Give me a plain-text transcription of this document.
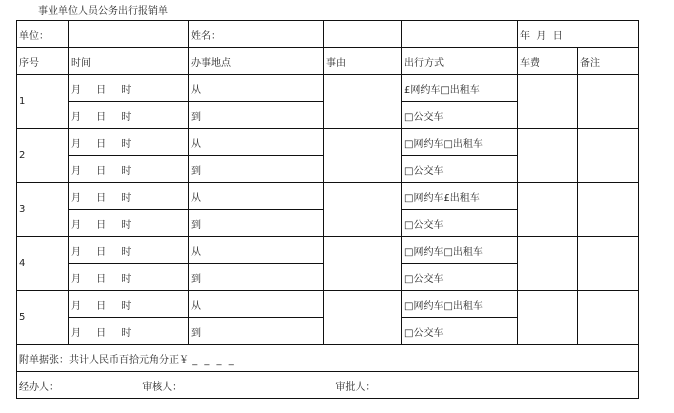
事业单位人员公务出行报销单
单位：		姓名：			年  月  日	
序号	时间	办事地点	事由	出行方式	车费	备注
1	月 日 时	从		£网约车□出租车		
	月 日 时	到		□公交车		
2	月 日 时	从		□网约车□出租车		
	月 日 时	到		□公交车		
3	月 日 时	从		□网约车£出租车		
	月 日 时	到		□公交车		
4	月 日 时	从		□网约车□出租车		
	月 日 时	到		□公交车		
5	月 日 时	从		□网约车□出租车		
	月 日 时	到		□公交车		
附单据张：共计人民币百拾元角分正￥ _ _ _ _						
经办人： 审核人： 审批人：						
